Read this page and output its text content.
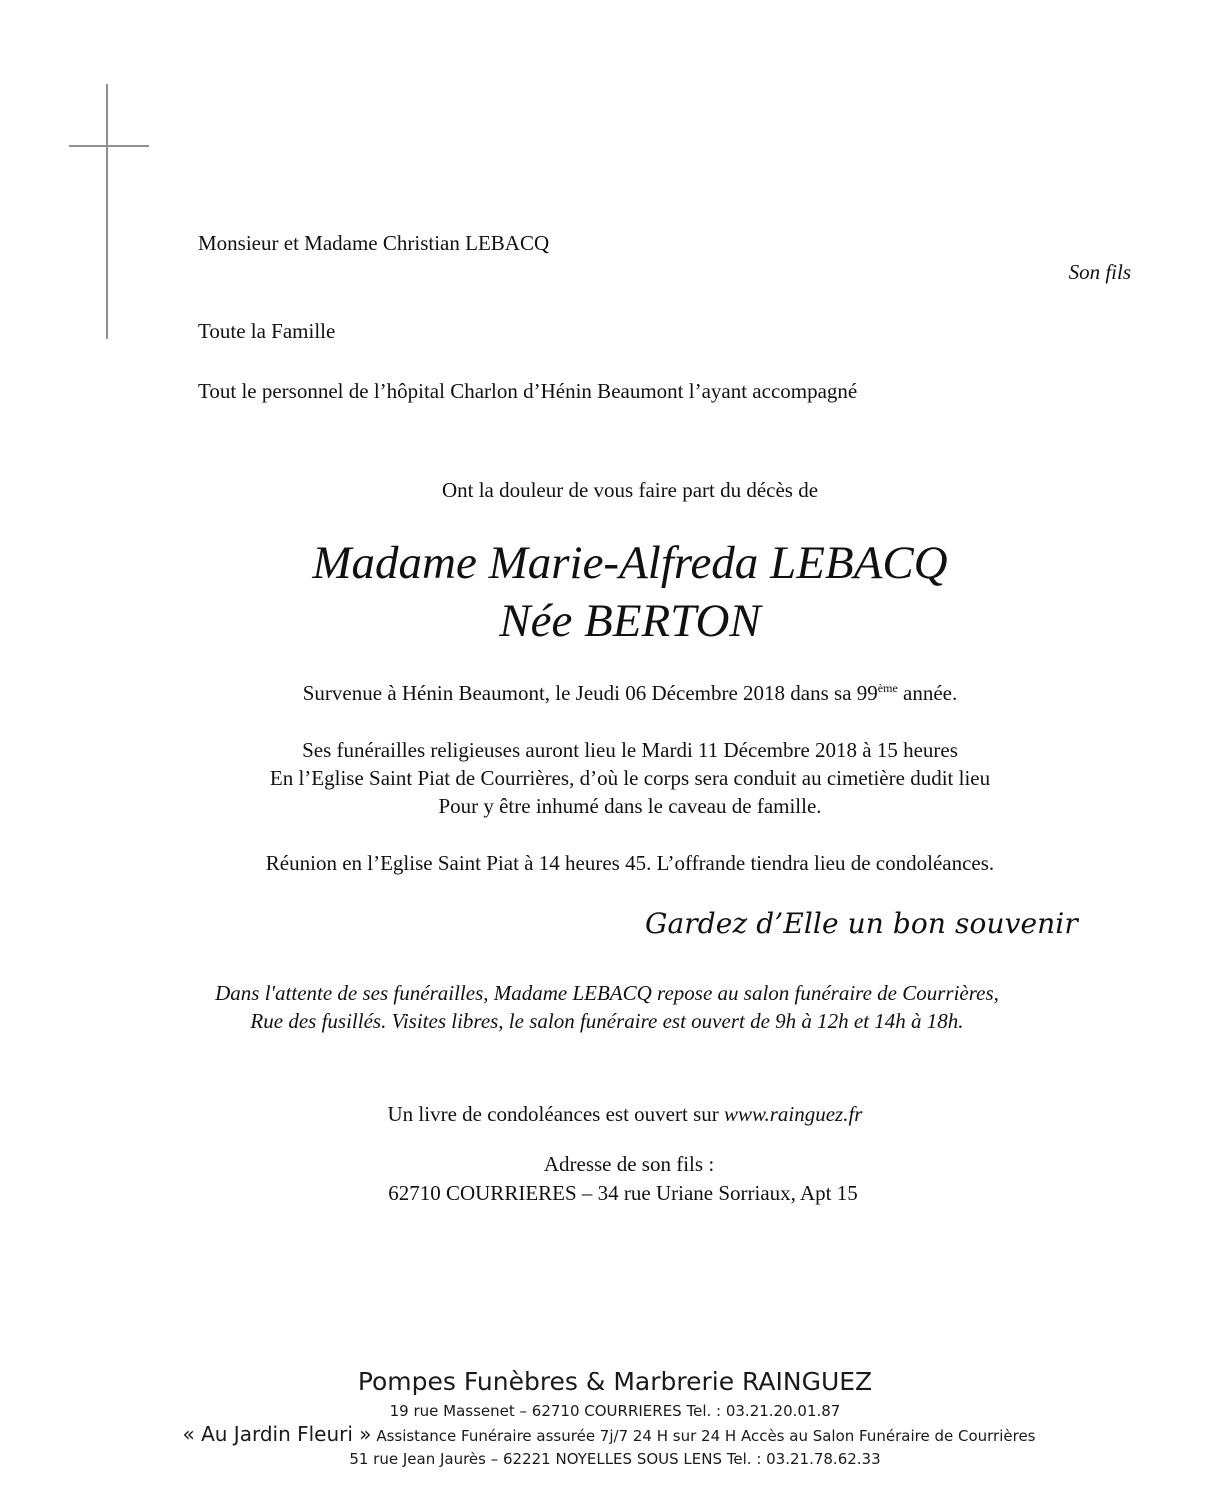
Monsieur et Madame Christian LEBACQ
Son fils
Toute la Famille
Tout le personnel de l’hôpital Charlon d’Hénin Beaumont l’ayant accompagné
Ont la douleur de vous faire part du décès de
Madame Marie-Alfreda LEBACQ
Née BERTON
Survenue à Hénin Beaumont, le Jeudi 06 Décembre 2018 dans sa 99ème année.
Ses funérailles religieuses auront lieu le Mardi 11 Décembre 2018 à 15 heures
En l’Eglise Saint Piat de Courrières, d’où le corps sera conduit au cimetière dudit lieu
Pour y être inhumé dans le caveau de famille.
Réunion en l’Eglise Saint Piat à 14 heures 45. L’offrande tiendra lieu de condoléances.
Gardez d’Elle un bon souvenir
Dans l'attente de ses funérailles, Madame LEBACQ repose au salon funéraire de Courrières,
Rue des fusillés. Visites libres, le salon funéraire est ouvert de 9h à 12h et 14h à 18h.
Un livre de condoléances est ouvert sur www.rainguez.fr
Adresse de son fils :
62710 COURRIERES – 34 rue Uriane Sorriaux, Apt 15
Pompes Funèbres & Marbrerie RAINGUEZ
19 rue Massenet – 62710 COURRIERES Tel. : 03.21.20.01.87
« Au Jardin Fleuri » Assistance Funéraire assurée 7j/7 24 H sur 24 H Accès au Salon Funéraire de Courrières
51 rue Jean Jaurès – 62221 NOYELLES SOUS LENS Tel. : 03.21.78.62.33
